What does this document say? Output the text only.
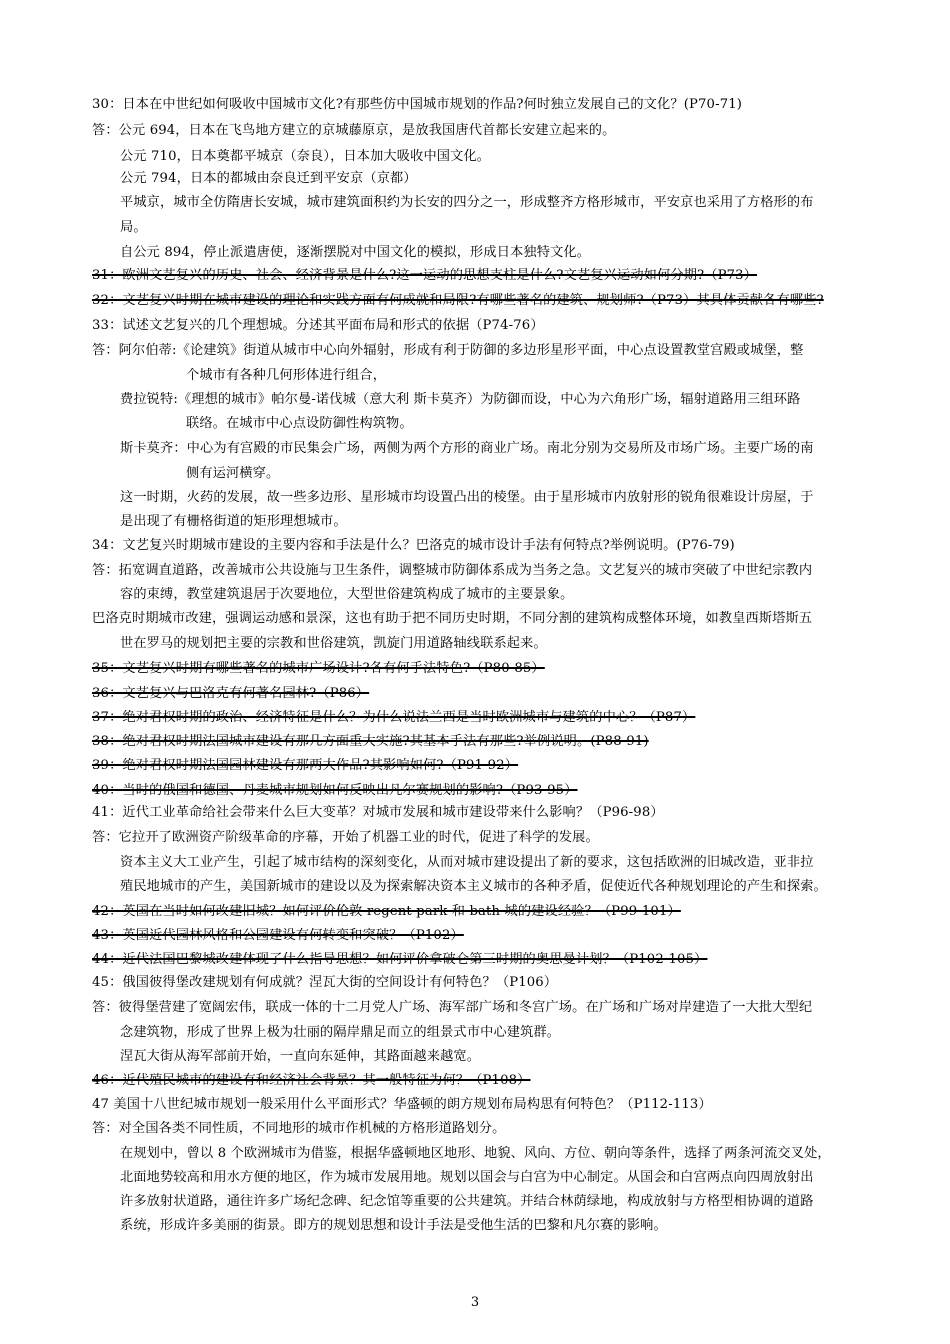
30：日本在中世纪如何吸收中国城市文化?有那些仿中国城市规划的作品?何时独立发展自己的文化？(P70-71)
答：公元 694，日本在飞鸟地方建立的京城藤原京，是放我国唐代首都长安建立起来的。
公元 710，日本奠都平城京（奈良），日本加大吸收中国文化。
公元 794，日本的都城由奈良迁到平安京（京都）
平城京，城市全仿隋唐长安城，城市建筑面积约为长安的四分之一，形成整齐方格形城市，平安京也采用了方格形的布
局。
自公元 894，停止派遣唐使，逐渐摆脱对中国文化的模拟，形成日本独特文化。
31：欧洲文艺复兴的历史、社会、经济背景是什么?这一运动的思想支柱是什么?文艺复兴运动如何分期?（P73）
32：文艺复兴时期在城市建设的理论和实践方面有何成就和局限?有哪些著名的建筑、规划师?（P73）其具体贡献各有哪些?
33：试述文艺复兴的几个理想城。分述其平面布局和形式的依据（P74-76）
答：阿尔伯蒂:《论建筑》街道从城市中心向外辐射，形成有利于防御的多边形星形平面，中心点设置教堂宫殿或城堡，整
个城市有各种几何形体进行组合，
费拉锐特:《理想的城市》帕尔曼-诺伐城（意大利 斯卡莫齐）为防御而设，中心为六角形广场，辐射道路用三组环路
联络。在城市中心点设防御性构筑物。
斯卡莫齐：中心为有宫殿的市民集会广场，两侧为两个方形的商业广场。南北分别为交易所及市场广场。主要广场的南
侧有运河横穿。
这一时期，火药的发展，故一些多边形、星形城市均设置凸出的棱堡。由于星形城市内放射形的锐角很难设计房屋，于
是出现了有栅格街道的矩形理想城市。
34：文艺复兴时期城市建设的主要内容和手法是什么？巴洛克的城市设计手法有何特点?举例说明。(P76-79)
答：拓宽调直道路，改善城市公共设施与卫生条件，调整城市防御体系成为当务之急。文艺复兴的城市突破了中世纪宗教内
容的束缚，教堂建筑退居于次要地位，大型世俗建筑构成了城市的主要景象。
巴洛克时期城市改建，强调运动感和景深，这也有助于把不同历史时期，不同分割的建筑构成整体环境，如教皇西斯塔斯五
世在罗马的规划把主要的宗教和世俗建筑，凯旋门用道路轴线联系起来。
35：文艺复兴时期有哪些著名的城市广场设计?各有何手法特色?（P80-85）
36：文艺复兴与巴洛克有何著名园林?（P86）
37：绝对君权时期的政治、经济特征是什么？为什么说法兰西是当时欧洲城市与建筑的中心？（P87）
38：绝对君权时期法国城市建设有那几方面重大实施?其基本手法有那些?举例说明。(P88-91)
39：绝对君权时期法国园林建设有那两大作品?其影响如何?（P91-92）
40：当时的俄国和德国、丹麦城市规划如何反映出凡尔赛规划的影响?（P93-95）
41：近代工业革命给社会带来什么巨大变革？对城市发展和城市建设带来什么影响？（P96-98）
答：它拉开了欧洲资产阶级革命的序幕，开始了机器工业的时代，促进了科学的发展。
资本主义大工业产生，引起了城市结构的深刻变化，从而对城市建设提出了新的要求，这包括欧洲的旧城改造，亚非拉
殖民地城市的产生，美国新城市的建设以及为探索解决资本主义城市的各种矛盾，促使近代各种规划理论的产生和探索。
42：英国在当时如何改建旧城？如何评价伦敦 regent park 和 bath 城的建设经验？（P99-101）
43：英国近代园林风格和公园建设有何转变和突破？（P102）
44：近代法国巴黎城改建体现了什么指导思想？如何评价拿破仑第三时期的奥思曼计划？（P102-105）
45：俄国彼得堡改建规划有何成就？涅瓦大街的空间设计有何特色？（P106）
答：彼得堡营建了宽阔宏伟，联成一体的十二月党人广场、海军部广场和冬宫广场。在广场和广场对岸建造了一大批大型纪
念建筑物，形成了世界上极为壮丽的隔岸鼎足而立的组景式市中心建筑群。
涅瓦大街从海军部前开始，一直向东延伸，其路面越来越宽。
46：近代殖民城市的建设有和经济社会背景？其一般特征为何？（P108）
47 美国十八世纪城市规划一般采用什么平面形式？华盛顿的朗方规划布局构思有何特色？（P112-113）
答：对全国各类不同性质，不同地形的城市作机械的方格形道路划分。
在规划中，曾以 8 个欧洲城市为借鉴，根据华盛顿地区地形、地貌、风向、方位、朝向等条件，选择了两条河流交叉处，
北面地势较高和用水方便的地区，作为城市发展用地。规划以国会与白宫为中心制定。从国会和白宫两点向四周放射出
许多放射状道路，通往许多广场纪念碑、纪念馆等重要的公共建筑。并结合林荫绿地，构成放射与方格型相协调的道路
系统，形成许多美丽的街景。即方的规划思想和设计手法是受他生活的巴黎和凡尔赛的影响。
3
